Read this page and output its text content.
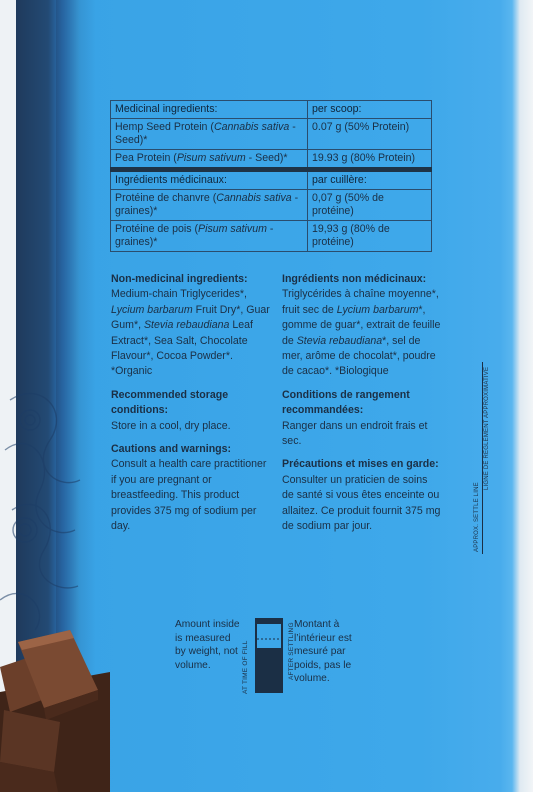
Medicinal ingredients:	per scoop:
Hemp Seed Protein (Cannabis sativa - Seed)*	0.07 g (50% Protein)
Pea Protein (Pisum sativum - Seed)*	19.93 g (80% Protein)
Ingrédients médicinaux:	par cuillère:
Protéine de chanvre (Cannabis sativa - graines)*	0,07 g (50% de protéine)
Protéine de pois (Pisum sativum - graines)*	19,93 g (80% de protéine)
Non-medicinal ingredients:
Medium-chain Triglycerides*, Lycium barbarum Fruit Dry*, Guar Gum*, Stevia rebaudiana Leaf Extract*, Sea Salt, Chocolate Flavour*, Cocoa Powder*. *Organic
Recommended storage conditions:
Store in a cool, dry place.
Cautions and warnings:
Consult a health care practitioner if you are pregnant or breastfeeding. This product provides 375 mg of sodium per day.
Ingrédients non médicinaux:
Triglycérides à chaîne moyenne*, fruit sec de Lycium barbarum*, gomme de guar*, extrait de feuille de Stevia rebaudiana*, sel de mer, arôme de chocolat*, poudre de cacao*. *Biologique
Conditions de rangement recommandées:
Ranger dans un endroit frais et sec.
Précautions et mises en garde:
Consulter un praticien de soins de santé si vous êtes enceinte ou allaitez. Ce produit fournit 375 mg de sodium par jour.
Amount inside is measured by weight, not volume.	AT TIME OF FILL	AFTER SETTLING Montant à l’intérieur est mesuré par poids, pas le volume.
APPROX. SETTLE LINE
LIGNE DE RÈGLEMENT APPROXIMATIVE
